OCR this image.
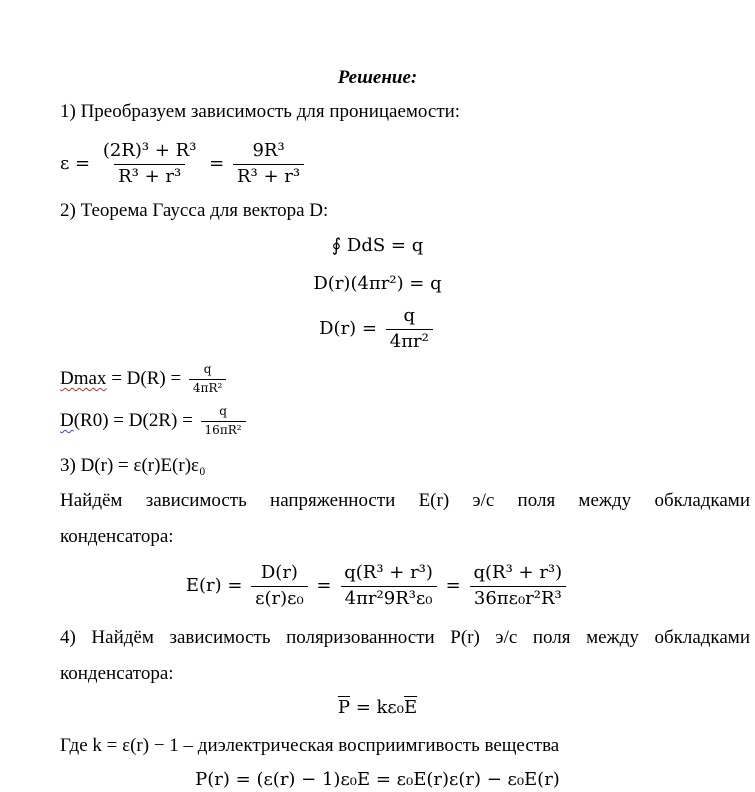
Решение:
1) Преобразуем зависимость для проницаемости:
$\varepsilon = \frac{\text{(2R)³ + R³}}{\text{R³ + r³}} = \frac{\text{9R³}}{\text{R³ + r³}}$
2) Теорема Гаусса для вектора D:
∮ DdS = q
D(r)(4πr²) = q
$D(r) = \frac{q}{\text{4πr²}}$
$Dmax = D(R) = \frac{q}{\text{4πR²}}$
$D(R0) = D(2R) = \frac{q}{\text{16πR²}}$
3) D(r) = ε(r)E(r)ε₀
Найдём зависимость напряженности E(r) э/с поля между обкладками
конденсатора:
$E(r) = \frac{D(r)}{\text{ε(r)ε₀}} = \frac{\text{q(R³ + r³)}}{\text{4πr²9R³ε₀}} = \frac{\text{q(R³ + r³)}}{\text{36πε₀r²R³}}$
4) Найдём зависимость поляризованности P(r) э/с поля между обкладками
конденсатора:
$\overline{P} = k\varepsilon_0\overline{E}$
Где k = ε(r) − 1 – диэлектрическая восприимгивость вещества
P(r) = (ε(r) − 1)ε₀E = ε₀E(r)ε(r) − ε₀E(r)
